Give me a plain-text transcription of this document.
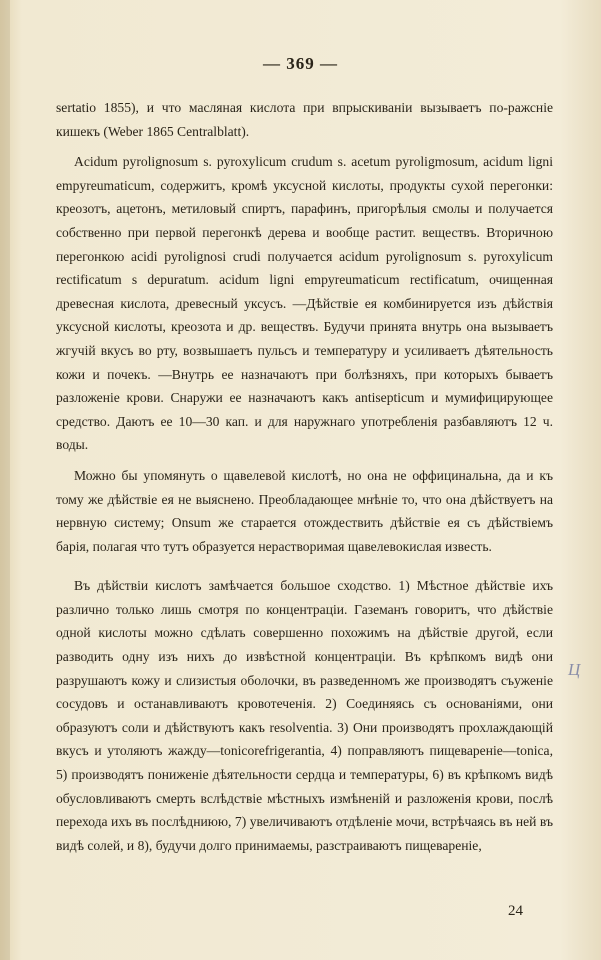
— 369 —

sertatio 1855), и что масляная кислота при впрыскиваніи вызываетъ по-ражсніе кишекъ (Weber 1865 Centralblatt).

Acidum pyrolignosum s. pyroxylicum crudum s. acetum pyroligmosum, acidum ligni empyreumaticum, содержитъ, кромѣ уксусной кислоты, продукты сухой перегонки: креозотъ, ацетонъ, метиловый спиртъ, парафинъ, пригорѣлыя смолы и получается собственно при первой перегонкѣ дерева и вообще растит. веществъ. Вторичною перегонкою acidi pyrolignosi crudi получается acidum pyrolignosum s. pyroxylicum rectificatum s depuratum. acidum ligni empyreumaticum rectificatum, очищенная древесная кислота, древесный уксусъ. —Дѣйствіе ея комбинируется изъ дѣйствія уксусной кислоты, креозота и др. веществъ. Будучи принята внутрь она вызываетъ жгучій вкусъ во рту, возвышаетъ пульсъ и температуру и усиливаетъ дѣятельность кожи и почекъ. —Внутрь ее назначаютъ при болѣзняхъ, при которыхъ бываетъ разложеніе крови. Снаружи ее назначаютъ какъ antisepticum и мумифицирующее средство. Даютъ ее 10—30 кап. и для наружнаго употребленія разбавляютъ 12 ч. воды.

Можно бы упомянуть о щавелевой кислотѣ, но она не оффицинальна, да и къ тому же дѣйствіе ея не выяснено. Преобладающее мнѣніе то, что она дѣйствуетъ на нервную систему; Onsum же старается отождествить дѣйствіе ея съ дѣйствіемъ барія, полагая что тутъ образуется нерастворимая щавелевокислая известь.

Въ дѣйствіи кислотъ замѣчается большое сходство. 1) Мѣстное дѣйствіе ихъ различно только лишь смотря по концентраціи. Газеманъ говоритъ, что дѣйствіе одной кислоты можно сдѣлать совершенно похожимъ на дѣйствіе другой, если разводить одну изъ нихъ до извѣстной концентраціи. Въ крѣпкомъ видѣ они разрушаютъ кожу и слизистыя оболочки, въ разведенномъ же производятъ съуженіе сосудовъ и останавливаютъ кровотеченія. 2) Соединяясь съ основаніями, они образуютъ соли и дѣйствуютъ какъ resolventia. 3) Они производятъ прохлаждающій вкусъ и утоляютъ жажду—tonicorefrigerantia, 4) поправляютъ пищевареніе—tonica, 5) производятъ пониженіе дѣятельности сердца и температуры, 6) въ крѣпкомъ видѣ обусловливаютъ смерть вслѣдствіе мѣстныхъ измѣненій и разложенія крови, послѣ перехода ихъ въ послѣдниюю, 7) увеличиваютъ отдѣленіе мочи, встрѣчаясь въ ней въ видѣ солей, и 8), будучи долго принимаемы, разстраиваютъ пищевареніе,

Ц
24
